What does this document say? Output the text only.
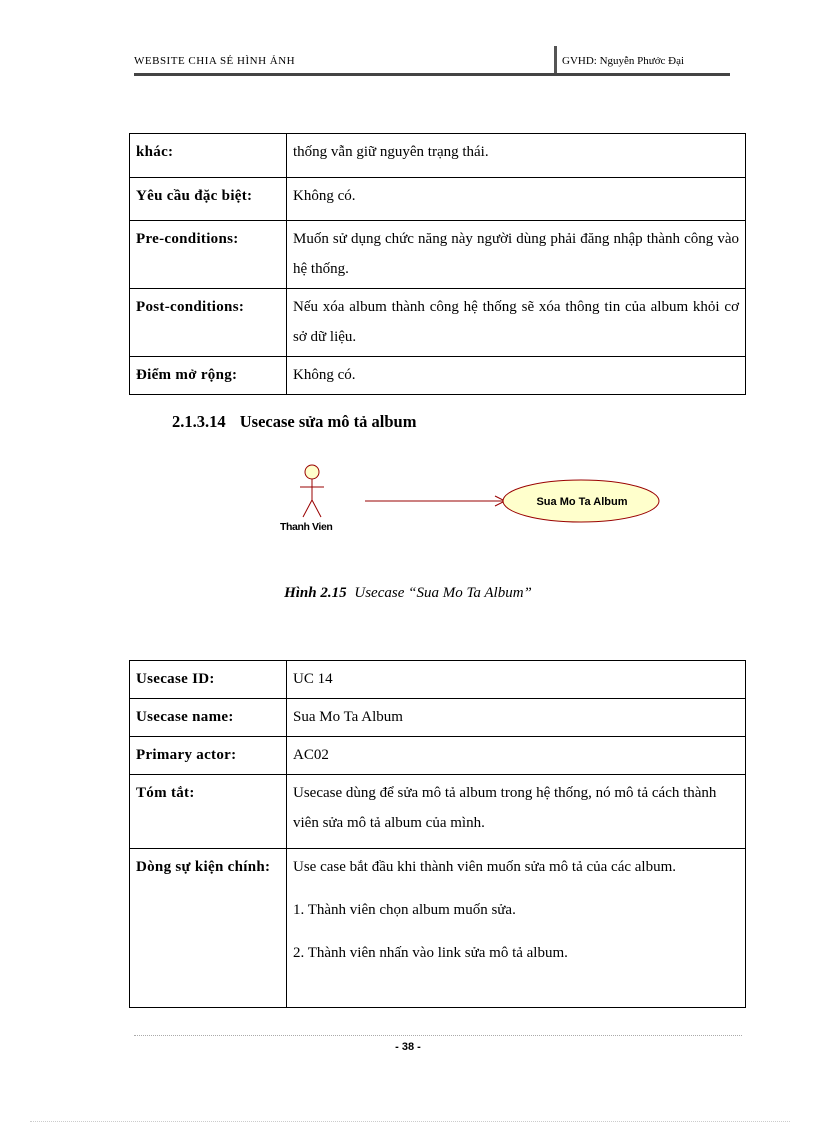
WEBSITE CHIA SẺ HÌNH ẢNH	GVHD: Nguyễn Phước Đại
khác:	thống vẫn giữ nguyên trạng thái.
Yêu cầu đặc biệt:	Không có.
Pre-conditions:	Muốn sử dụng chức năng này người dùng phải đăng nhập thành công vào hệ thống.
Post-conditions:	Nếu xóa album thành công hệ thống sẽ xóa thông tin của album khỏi cơ sở dữ liệu.
Điểm mở rộng:	Không có.
2.1.3.14 Usecase sửa mô tả album
Thanh Vien
Sua Mo Ta Album
Hình 2.15 Usecase “Sua Mo Ta Album”
Usecase ID:	UC 14
Usecase name:	Sua Mo Ta Album
Primary actor:	AC02
Tóm tắt:	Usecase dùng để sửa mô tả album trong hệ thống, nó mô tả cách thành viên sửa mô tả album của mình.
Dòng sự kiện chính:	Use case bắt đầu khi thành viên muốn sửa mô tả của các album.

1. Thành viên chọn album muốn sửa.

2. Thành viên nhấn vào link sửa mô tả album.

- 38 -
